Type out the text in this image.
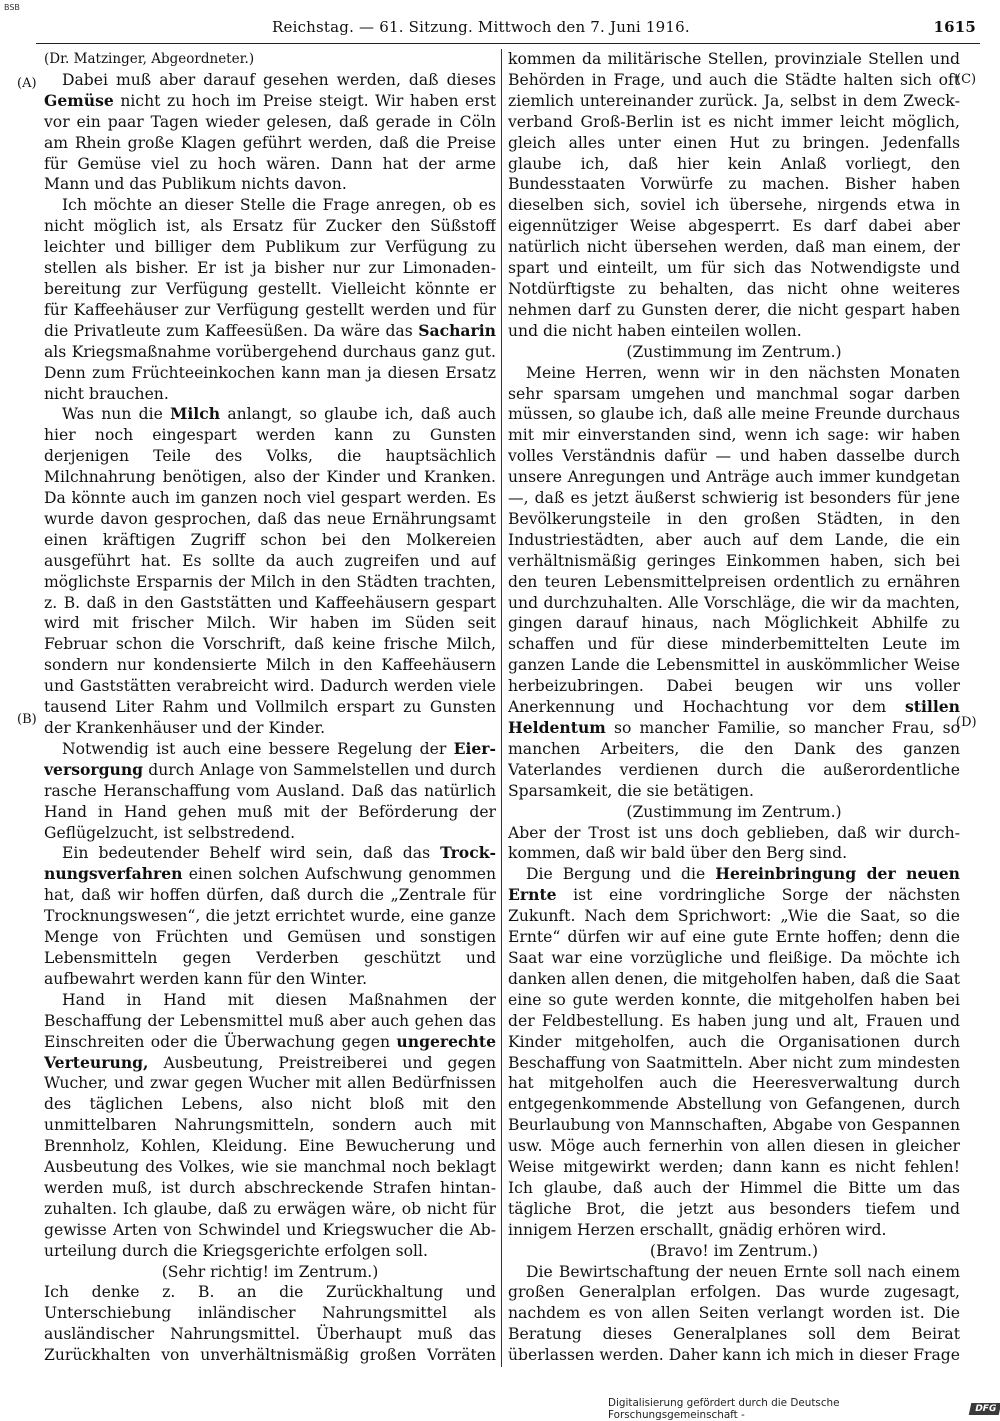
BSB
Reichstag. — 61. Sitzung. Mittwoch den 7. Juni 1916.	1615
(A)
(B)
(C)
(D)

(Dr. Matzinger, Abgeordneter.)

Dabei muß aber darauf gesehen werden, daß dieses Gemüse nicht zu hoch im Preise steigt. Wir haben erst vor ein paar Tagen wieder gelesen, daß gerade in Cöln am Rhein große Klagen geführt werden, daß die Preise für Gemüse viel zu hoch wären. Dann hat der arme Mann und das Publikum nichts davon.

Ich möchte an dieser Stelle die Frage anregen, ob es nicht möglich ist, als Ersatz für Zucker den Süßstoff leichter und billiger dem Publikum zur Verfügung zu stellen als bisher. Er ist ja bisher nur zur Limonadenbereitung zur Verfügung gestellt. Vielleicht könnte er für Kaffeehäuser zur Verfügung gestellt werden und für die Privatleute zum Kaffeesüßen. Da wäre das Sacharin als Kriegsmaßnahme vorübergehend durchaus ganz gut. Denn zum Früchteeinkochen kann man ja diesen Ersatz nicht brauchen.

Was nun die Milch anlangt, so glaube ich, daß auch hier noch eingespart werden kann zu Gunsten derjenigen Teile des Volks, die hauptsächlich Milchnahrung benötigen, also der Kinder und Kranken. Da könnte auch im ganzen noch viel gespart werden. Es wurde davon gesprochen, daß das neue Ernährungsamt einen kräftigen Zugriff schon bei den Molkereien ausgeführt hat. Es sollte da auch zugreifen und auf möglichste Ersparnis der Milch in den Städten trachten, z. B. daß in den Gaststätten und Kaffeehäusern gespart wird mit frischer Milch. Wir haben im Süden seit Februar schon die Vorschrift, daß keine frische Milch, sondern nur kondensierte Milch in den Kaffeehäusern und Gaststätten verabreicht wird. Dadurch werden viele tausend Liter Rahm und Vollmilch erspart zu Gunsten der Krankenhäuser und der Kinder.

Notwendig ist auch eine bessere Regelung der Eierversorgung durch Anlage von Sammelstellen und durch rasche Heranschaffung vom Ausland. Daß das natürlich Hand in Hand gehen muß mit der Beförderung der Geflügelzucht, ist selbstredend.

Ein bedeutender Behelf wird sein, daß das Trocknungsverfahren einen solchen Aufschwung genommen hat, daß wir hoffen dürfen, daß durch die „Zentrale für Trocknungswesen“, die jetzt errichtet wurde, eine ganze Menge von Früchten und Gemüsen und sonstigen Lebensmitteln gegen Verderben geschützt und aufbewahrt werden kann für den Winter.

Hand in Hand mit diesen Maßnahmen der Beschaffung der Lebensmittel muß aber auch gehen das Einschreiten oder die Überwachung gegen ungerechte Verteurung, Ausbeutung, Preistreiberei und gegen Wucher, und zwar gegen Wucher mit allen Bedürfnissen des täglichen Lebens, also nicht bloß mit den unmittelbaren Nahrungsmitteln, sondern auch mit Brennholz, Kohlen, Kleidung. Eine Bewucherung und Ausbeutung des Volkes, wie sie manchmal noch beklagt werden muß, ist durch abschreckende Strafen hintanzuhalten. Ich glaube, daß zu erwägen wäre, ob nicht für gewisse Arten von Schwindel und Kriegswucher die Aburteilung durch die Kriegsgerichte erfolgen soll.

(Sehr richtig! im Zentrum.)

Ich denke z. B. an die Zurückhaltung und Unterschiebung inländischer Nahrungsmittel als ausländischer Nahrungsmittel. Überhaupt muß das Zurückhalten von unverhältnismäßig großen Vorräten

kommen da militärische Stellen, provinziale Stellen und Behörden in Frage, und auch die Städte halten sich oft ziemlich untereinander zurück. Ja, selbst in dem Zweckverband Groß-Berlin ist es nicht immer leicht möglich, gleich alles unter einen Hut zu bringen. Jedenfalls glaube ich, daß hier kein Anlaß vorliegt, den Bundesstaaten Vorwürfe zu machen. Bisher haben dieselben sich, soviel ich übersehe, nirgends etwa in eigennütziger Weise abgesperrt. Es darf dabei aber natürlich nicht übersehen werden, daß man einem, der spart und einteilt, um für sich das Notwendigste und Notdürftigste zu behalten, das nicht ohne weiteres nehmen darf zu Gunsten derer, die nicht gespart haben und die nicht haben einteilen wollen.

(Zustimmung im Zentrum.)

Meine Herren, wenn wir in den nächsten Monaten sehr sparsam umgehen und manchmal sogar darben müssen, so glaube ich, daß alle meine Freunde durchaus mit mir einverstanden sind, wenn ich sage: wir haben volles Verständnis dafür — und haben dasselbe durch unsere Anregungen und Anträge auch immer kundgetan —, daß es jetzt äußerst schwierig ist besonders für jene Bevölkerungsteile in den großen Städten, in den Industriestädten, aber auch auf dem Lande, die ein verhältnismäßig geringes Einkommen haben, sich bei den teuren Lebensmittelpreisen ordentlich zu ernähren und durchzuhalten. Alle Vorschläge, die wir da machten, gingen darauf hinaus, nach Möglichkeit Abhilfe zu schaffen und für diese minderbemittelten Leute im ganzen Lande die Lebensmittel in auskömmlicher Weise herbeizubringen. Dabei beugen wir uns voller Anerkennung und Hochachtung vor dem stillen Heldentum so mancher Familie, so mancher Frau, so manchen Arbeiters, die den Dank des ganzen Vaterlandes verdienen durch die außerordentliche Sparsamkeit, die sie betätigen.

(Zustimmung im Zentrum.)

Aber der Trost ist uns doch geblieben, daß wir durchkommen, daß wir bald über den Berg sind.

Die Bergung und die Hereinbringung der neuen Ernte ist eine vordringliche Sorge der nächsten Zukunft. Nach dem Sprichwort: „Wie die Saat, so die Ernte“ dürfen wir auf eine gute Ernte hoffen; denn die Saat war eine vorzügliche und fleißige. Da möchte ich danken allen denen, die mitgeholfen haben, daß die Saat eine so gute werden konnte, die mitgeholfen haben bei der Feldbestellung. Es haben jung und alt, Frauen und Kinder mitgeholfen, auch die Organisationen durch Beschaffung von Saatmitteln. Aber nicht zum mindesten hat mitgeholfen auch die Heeresverwaltung durch entgegenkommende Abstellung von Gefangenen, durch Beurlaubung von Mannschaften, Abgabe von Gespannen usw. Möge auch fernerhin von allen diesen in gleicher Weise mitgewirkt werden; dann kann es nicht fehlen! Ich glaube, daß auch der Himmel die Bitte um das tägliche Brot, die jetzt aus besonders tiefem und innigem Herzen erschallt, gnädig erhören wird.

(Bravo! im Zentrum.)

Die Bewirtschaftung der neuen Ernte soll nach einem großen Generalplan erfolgen. Das wurde zugesagt, nachdem es von allen Seiten verlangt worden ist. Die Beratung dieses Generalplanes soll dem Beirat überlassen werden. Daher kann ich mich in dieser Frage

Digitalisierung gefördert durch die Deutsche Forschungsgemeinschaft -	DFG
